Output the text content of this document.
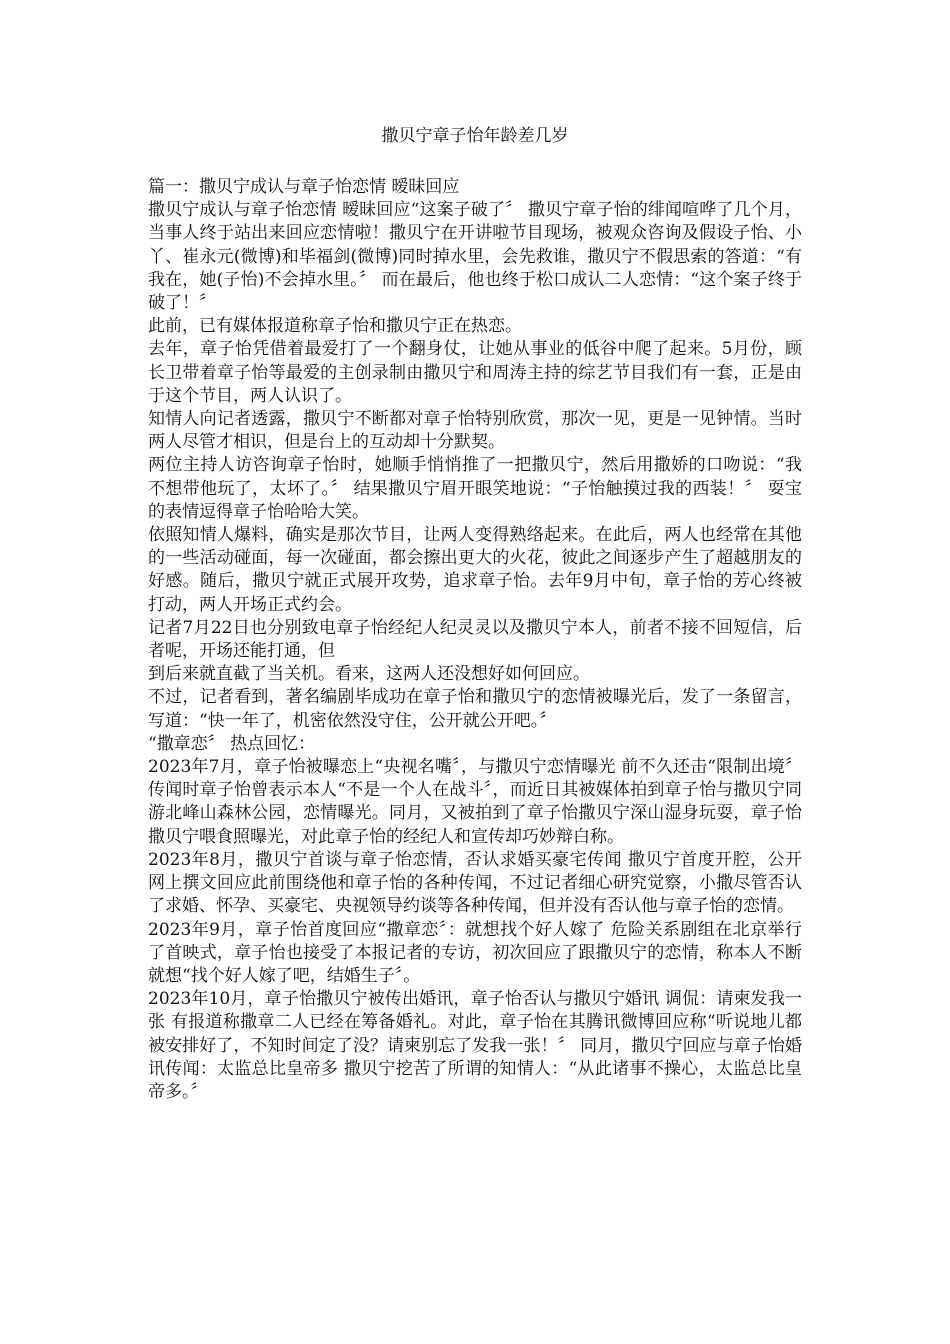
撒贝宁章子怡年龄差几岁

篇一：撒贝宁成认与章子怡恋情 暧昧回应

撒贝宁成认与章子怡恋情 暧昧回应“这案子破了〞 撒贝宁章子怡的绯闻喧哗了几个月，当事人终于站出来回应恋情啦！撒贝宁在开讲啦节目现场，被观众咨询及假设子怡、小丫、崔永元(微博)和毕福剑(微博)同时掉水里，会先救谁，撒贝宁不假思索的答道：“有我在，她(子怡)不会掉水里。〞 而在最后，他也终于松口成认二人恋情：“这个案子终于破了！〞

此前，已有媒体报道称章子怡和撒贝宁正在热恋。

去年，章子怡凭借着最爱打了一个翻身仗，让她从事业的低谷中爬了起来。5月份，顾长卫带着章子怡等最爱的主创录制由撒贝宁和周涛主持的综艺节目我们有一套，正是由于这个节目，两人认识了。

知情人向记者透露，撒贝宁不断都对章子怡特别欣赏，那次一见，更是一见钟情。当时两人尽管才相识，但是台上的互动却十分默契。

两位主持人访咨询章子怡时，她顺手悄悄推了一把撒贝宁，然后用撒娇的口吻说：“我不想带他玩了，太坏了。〞 结果撒贝宁眉开眼笑地说：“子怡触摸过我的西装！〞 耍宝的表情逗得章子怡哈哈大笑。

依照知情人爆料，确实是那次节目，让两人变得熟络起来。在此后，两人也经常在其他的一些活动碰面，每一次碰面，都会擦出更大的火花，彼此之间逐步产生了超越朋友的好感。随后，撒贝宁就正式展开攻势，追求章子怡。去年9月中旬，章子怡的芳心终被打动，两人开场正式约会。

记者7月22日也分别致电章子怡经纪人纪灵灵以及撒贝宁本人，前者不接不回短信，后者呢，开场还能打通，但

到后来就直截了当关机。看来，这两人还没想好如何回应。

不过，记者看到，著名编剧毕成功在章子怡和撒贝宁的恋情被曝光后，发了一条留言，写道：“快一年了，机密依然没守住，公开就公开吧。〞

“撒章恋〞 热点回忆：

2023年7月，章子怡被曝恋上“央视名嘴〞，与撒贝宁恋情曝光 前不久还击“限制出境〞 传闻时章子怡曾表示本人“不是一个人在战斗〞，而近日其被媒体拍到章子怡与撒贝宁同游北峰山森林公园，恋情曝光。同月，又被拍到了章子怡撒贝宁深山湿身玩耍，章子怡撒贝宁喂食照曝光，对此章子怡的经纪人和宣传却巧妙辩白称。

2023年8月，撒贝宁首谈与章子怡恋情，否认求婚买豪宅传闻 撒贝宁首度开腔，公开网上撰文回应此前围绕他和章子怡的各种传闻，不过记者细心研究觉察，小撒尽管否认了求婚、怀孕、买豪宅、央视领导约谈等各种传闻，但并没有否认他与章子怡的恋情。

2023年9月，章子怡首度回应“撒章恋〞：就想找个好人嫁了 危险关系剧组在北京举行了首映式，章子怡也接受了本报记者的专访，初次回应了跟撒贝宁的恋情，称本人不断就想“找个好人嫁了吧，结婚生子〞。

2023年10月，章子怡撒贝宁被传出婚讯，章子怡否认与撒贝宁婚讯 调侃：请柬发我一张 有报道称撒章二人已经在筹备婚礼。对此，章子怡在其腾讯微博回应称“听说地儿都被安排好了，不知时间定了没？请柬别忘了发我一张！〞 同月，撒贝宁回应与章子怡婚讯传闻：太监总比皇帝多 撒贝宁挖苦了所谓的知情人：“从此诸事不操心，太监总比皇帝多。〞
